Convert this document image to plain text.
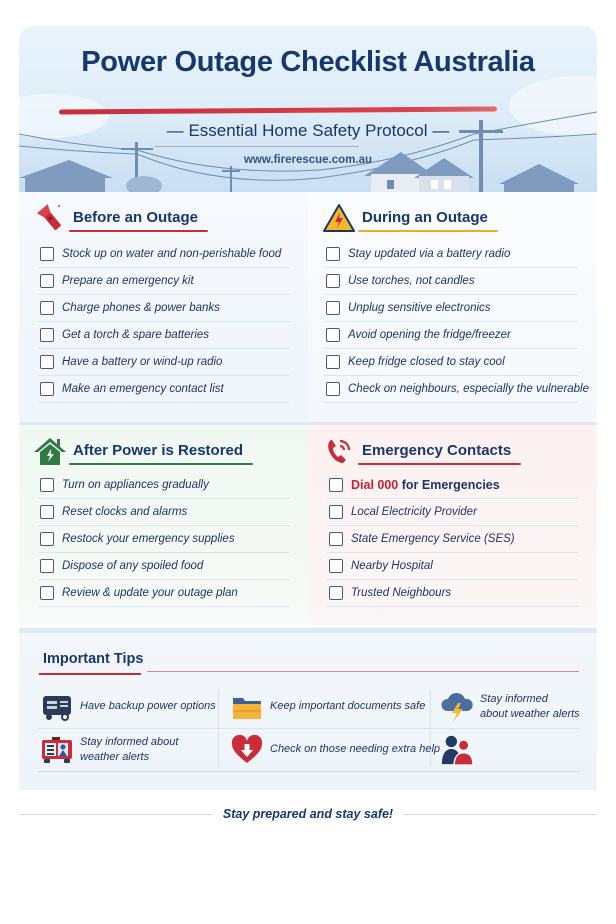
Power Outage Checklist Australia
— Essential Home Safety Protocol —
www.firerescue.com.au
Before an Outage
Stock up on water and non-perishable food
Prepare an emergency kit
Charge phones & power banks
Get a torch & spare batteries
Have a battery or wind-up radio
Make an emergency contact list
During an Outage
Stay updated via a battery radio
Use torches, not candles
Unplug sensitive electronics
Avoid opening the fridge/freezer
Keep fridge closed to stay cool
Check on neighbours, especially the vulnerable
After Power is Restored
Turn on appliances gradually
Reset clocks and alarms
Restock your emergency supplies
Dispose of any spoiled food
Review & update your outage plan
Emergency Contacts
Dial 000 for Emergencies
Local Electricity Provider
State Emergency Service (SES)
Nearby Hospital
Trusted Neighbours
Important Tips
Have backup power options	Keep important documents safe
Stay informed
about weather alerts
Stay informed about
weather alerts
Check on those needing extra help
Stay prepared and stay safe!
